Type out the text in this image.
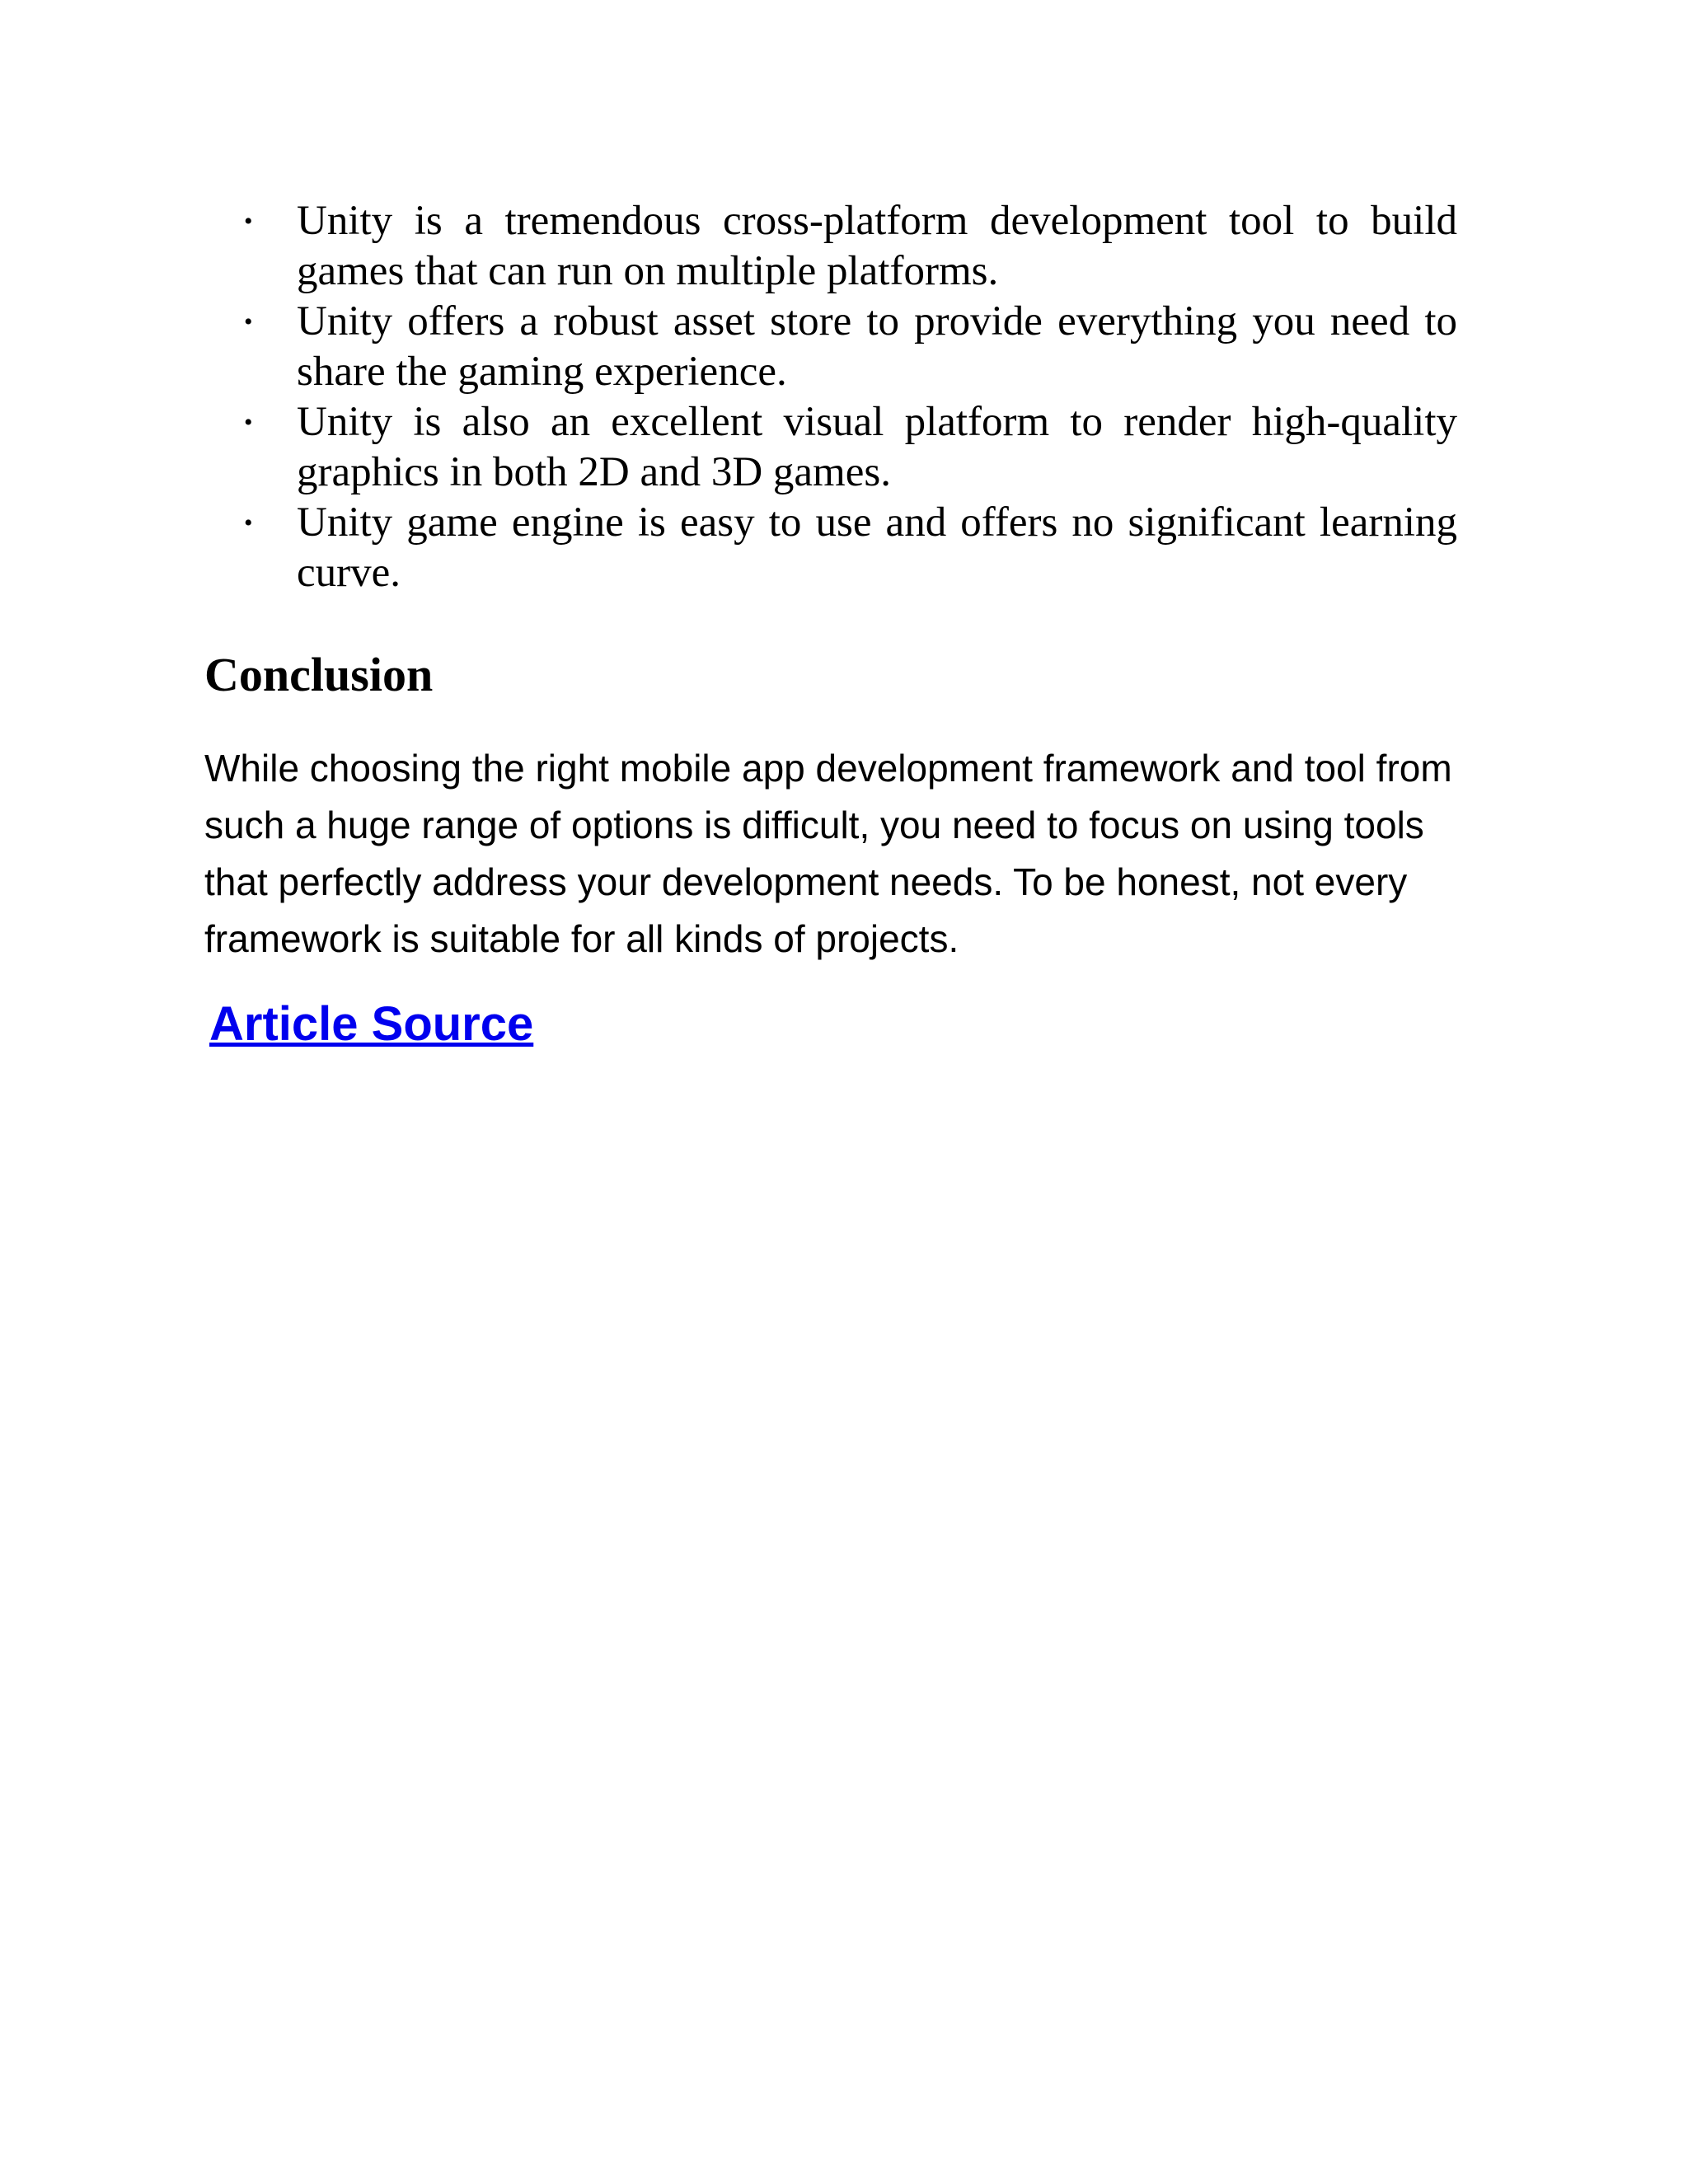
• Unity is a tremendous cross-platform development tool to build games that can run on multiple platforms.
• Unity offers a robust asset store to provide everything you need to share the gaming experience.
• Unity is also an excellent visual platform to render high-quality graphics in both 2D and 3D games.
• Unity game engine is easy to use and offers no significant learning curve.
Conclusion

While choosing the right mobile app development framework and tool from such a huge range of options is difficult, you need to focus on using tools that perfectly address your development needs. To be honest, not every framework is suitable for all kinds of projects.

Article Source
